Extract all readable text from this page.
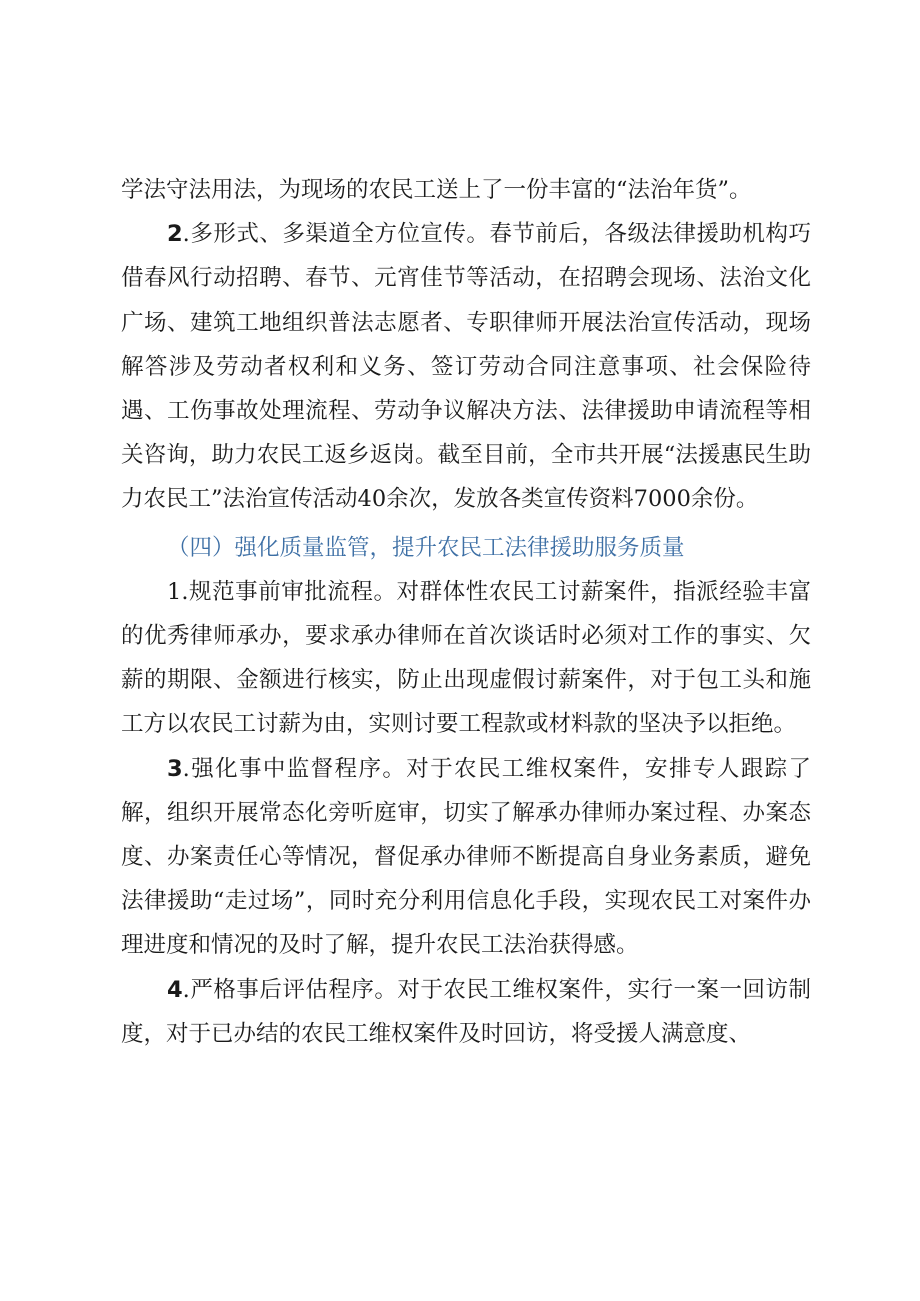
学法守法用法，为现场的农民工送上了一份丰富的“法治年货”。

2.多形式、多渠道全方位宣传。春节前后，各级法律援助机构巧借春风行动招聘、春节、元宵佳节等活动，在招聘会现场、法治文化广场、建筑工地组织普法志愿者、专职律师开展法治宣传活动，现场解答涉及劳动者权利和义务、签订劳动合同注意事项、社会保险待遇、工伤事故处理流程、劳动争议解决方法、法律援助申请流程等相关咨询，助力农民工返乡返岗。截至目前，全市共开展“法援惠民生助力农民工”法治宣传活动40余次，发放各类宣传资料7000余份。

（四）强化质量监管，提升农民工法律援助服务质量

1.规范事前审批流程。对群体性农民工讨薪案件，指派经验丰富的优秀律师承办，要求承办律师在首次谈话时必须对工作的事实、欠薪的期限、金额进行核实，防止出现虚假讨薪案件，对于包工头和施工方以农民工讨薪为由，实则讨要工程款或材料款的坚决予以拒绝。

3.强化事中监督程序。对于农民工维权案件，安排专人跟踪了解，组织开展常态化旁听庭审，切实了解承办律师办案过程、办案态度、办案责任心等情况，督促承办律师不断提高自身业务素质，避免法律援助“走过场”，同时充分利用信息化手段，实现农民工对案件办理进度和情况的及时了解，提升农民工法治获得感。

4.严格事后评估程序。对于农民工维权案件，实行一案一回访制度，对于已办结的农民工维权案件及时回访，将受援人满意度、
